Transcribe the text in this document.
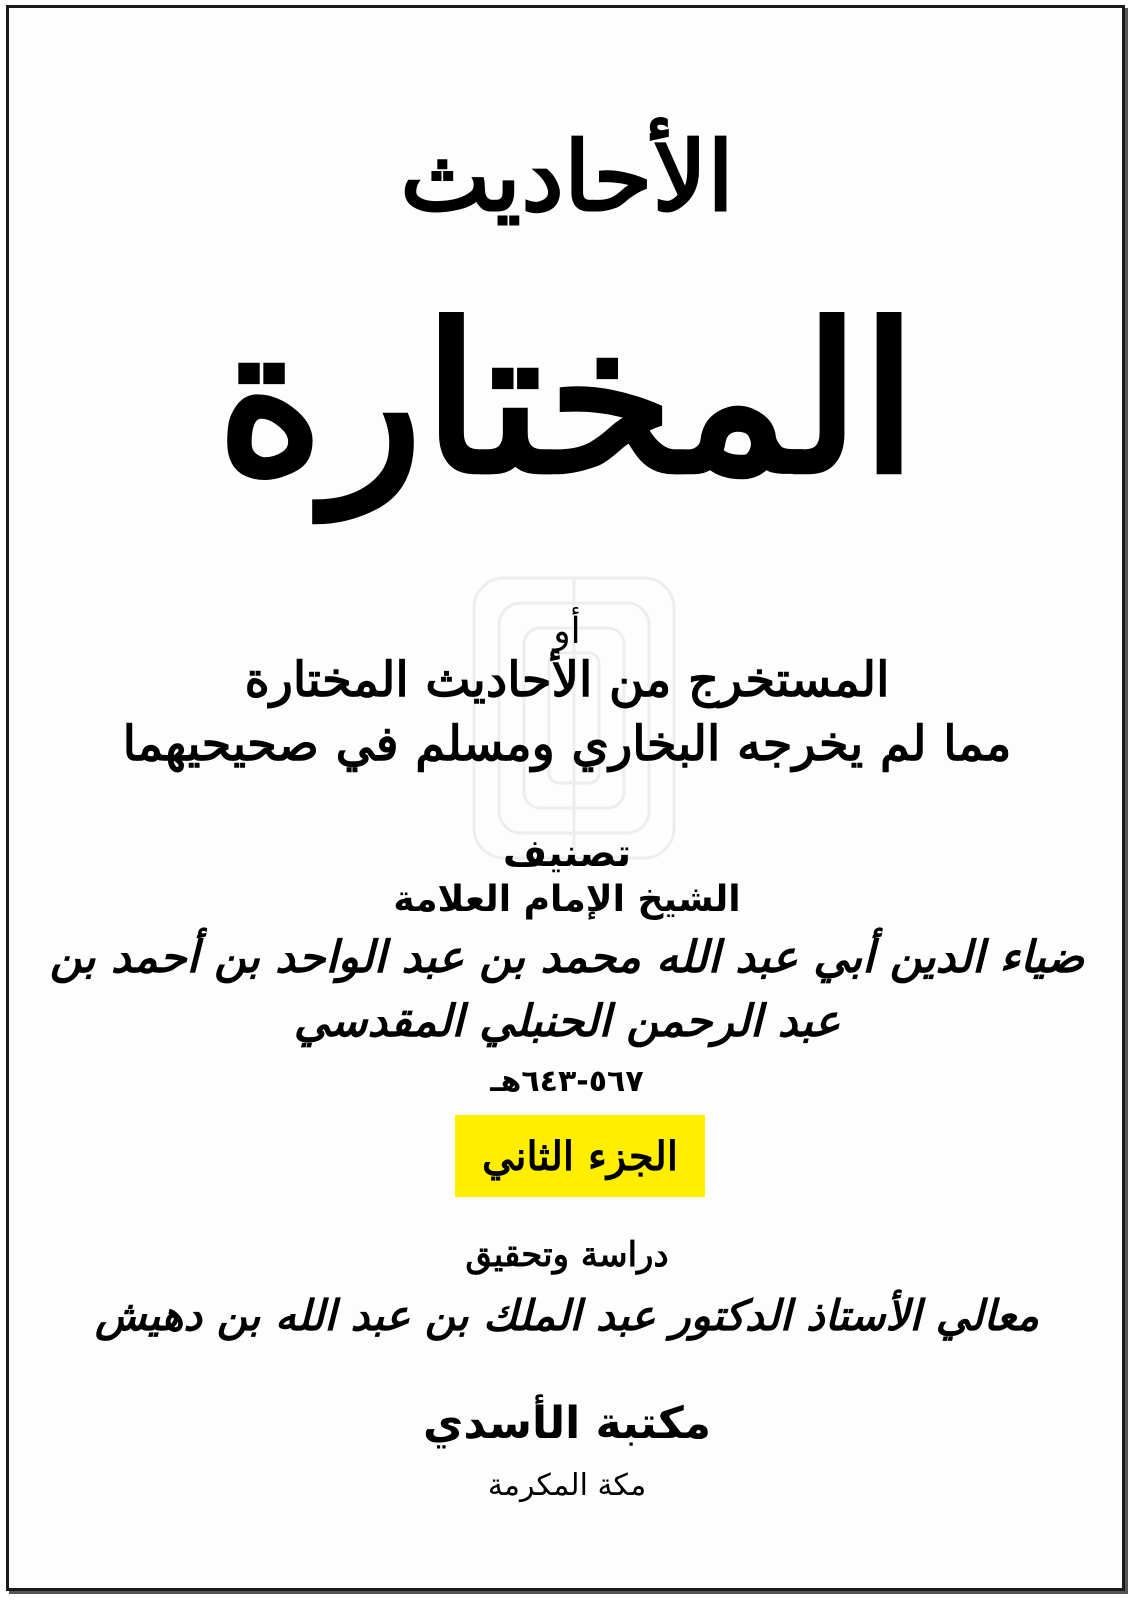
الأحاديث
المختارة
أو
المستخرج من الأحاديث المختارة
مما لم يخرجه البخاري ومسلم في صحيحيهما
تصنيف
الشيخ الإمام العلامة
ضياء الدين أبي عبد الله محمد بن عبد الواحد بن أحمد بن
عبد الرحمن الحنبلي المقدسي
٥٦٧-٦٤٣هـ
الجزء الثاني
دراسة وتحقيق
معالي الأستاذ الدكتور عبد الملك بن عبد الله بن دهيش
مكتبة الأسدي
مكة المكرمة
